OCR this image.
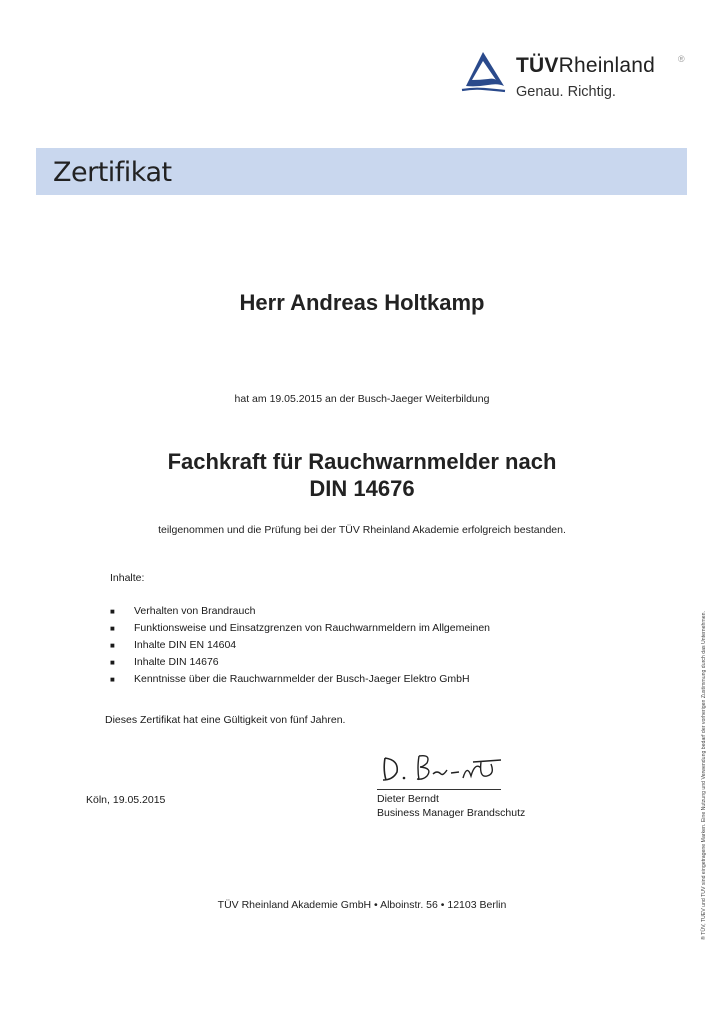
TÜVRheinland	®
Genau. Richtig.
Zertifikat
Herr Andreas Holtkamp
hat am 19.05.2015 an der Busch-Jaeger Weiterbildung
Fachkraft für Rauchwarnmelder nach
DIN 14676
teilgenommen und die Prüfung bei der TÜV Rheinland Akademie erfolgreich bestanden.
Inhalte:
■ Verhalten von Brandrauch
■ Funktionsweise und Einsatzgrenzen von Rauchwarnmeldern im Allgemeinen
■ Inhalte DIN EN 14604
■ Inhalte DIN 14676
■ Kenntnisse über die Rauchwarnmelder der Busch-Jaeger Elektro GmbH
Dieses Zertifikat hat eine Gültigkeit von fünf Jahren.
Köln, 19.05.2015	Dieter Berndt
Business Manager Brandschutz
TÜV Rheinland Akademie GmbH • Alboinstr. 56 • 12103 Berlin	® TÜV, TUEV und TUV sind eingetragene Marken. Eine Nutzung und Verwendung bedarf der vorherigen Zustimmung durch das Unternehmen.
